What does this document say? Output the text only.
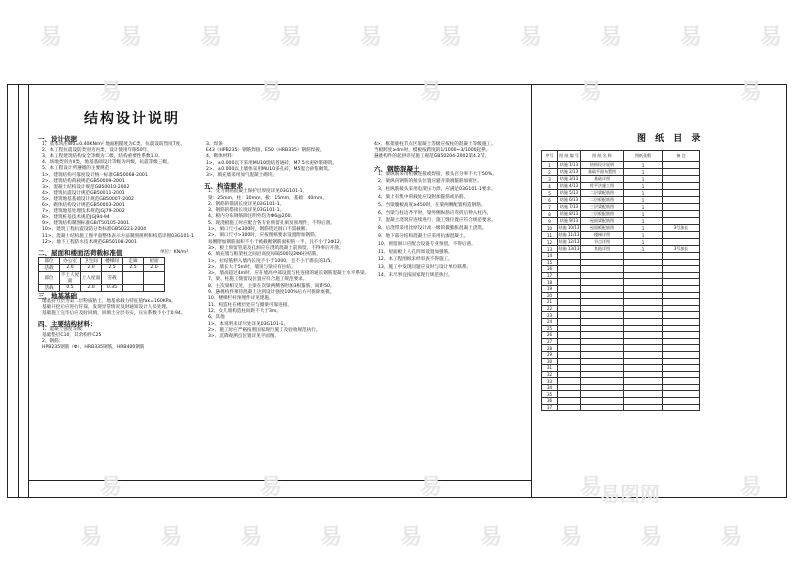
结构设计说明
图 纸 目 录
序号	图 纸 编 号	图 纸 名 称	图纸张数	备 注
1	结施 1/13	结构设计说明	1	
2	结施 2/13	基础平面布置图	1	
3	结施 3/13	基础详图	1	
4	结施 4/13	柱平法施工图	1	
5	结施 5/13	二层梁配筋图	1	
6	结施 6/13	二层板配筋图	1	
7	结施 7/13	三层梁配筋图	1	
8	结施 8/13	三层板配筋图	1	
9	结施 9/13	屋面梁配筋图	1	
10	结施 10/13	屋面板配筋图	1	3号加长
11	结施 11/13	楼梯详图	1	
12	结施 12/13	节点详图	1	
13	结施 13/13	其他详图	1	3号加长
14				
15				
16				
17				
18				
19				
20				
21				
22				
23				
24				
25				
26				
27				
28				
29				
30				
31				
32				
33				
34				
35				
36				
37				
易	易	易	易	易	易	易	易	易	易
易	易	易	易	易	易	易	易	易
易	易	易	易	易
易	易	易	易	易
易图网
一、设计依据
1、基本风压W0=0.40KN/m² 地面粗糙度为C类，抗震设防烈度7度。
2、本工程抗震设防类别为丙类，设计使用年限50年。
3、本工程建筑结构安全等级为二级，结构重要性系数1.0。
4、场地类别为II类，地基基础设计等级为丙级，抗震等级三级。
5、本工程设计所遵循的主要规范：
1>、建筑结构可靠度设计统一标准GB50068-2001
2>、建筑结构荷载规范GB50009-2001
3>、混凝土结构设计规范GB50010-2002
4>、建筑抗震设计规范GB50011-2001
5>、建筑地基基础设计规范GB50007-2002
6>、砌体结构设计规范GB50003-2001
7>、建筑地基处理技术规范JGJ79-2002
8>、建筑桩基技术规范JGJ94-94
9>、建筑结构制图标准GB/T50105-2001
10>、建筑工程抗震设防分类标准GB50223-2004
11>、混凝土结构施工图平面整体表示方法制图规则和构造详图03G101-1
12>、地下工程防水技术规范GB50108-2001
二、屋面和楼面活荷载标准值	单位：KN/m²
部位	办公室	卫生间	楼梯间	走廊	屋面
活载	2.0	2.0	2.5	2.5	2.0
部位	不上人屋面	上人屋面	雪载		
活载	0.5	2.0	0.35		
三、地基基础
地基持力层为第二层粉质粘土，地基承载力特征值fak=160KPa。
基础开挖后应进行钎探，发现异常情况及时通知设计人员处理。
基础施工完毕后应及时回填，回填土分层夯实，压实系数不小于0.94。
四、主要结构材料：
1、混凝土强度等级：
基础垫层C10，其余构件C25
2、钢筋：
HPB235钢筋（Φ），HRB335钢筋，HRB400钢筋
3、焊条
E43（HPB235）钢筋焊接，E50（HRB335）钢筋焊接。
4、砌体材料：
1>、±0.000以下采用MU10烧结普通砖，M7.5水泥砂浆砌筑。
2>、±0.000以上墙体采用MU10多孔砖，M5混合砂浆砌筑。
3>、填充墙采用加气混凝土砌块。
五、构造要求
1、受力钢筋混凝土保护层厚度详见03G101-1。
梁：25mm，柱：30mm，板：15mm，基础：40mm。
2、钢筋的锚固长度详见03G101-1。
3、钢筋的搭接长度详见03G101-1。
4、板内分布钢筋除注明外均为Φ6@200。
5、现浇板施工时应配合各专业预留孔洞及预埋件，不得后凿。
1>、洞口尺寸≤300时，钢筋绕过洞口不需截断。
2>、洞口尺寸>300时，应按图纸要求设置附加钢筋。
每侧附加钢筋面积不小于被截断钢筋面积的一半，且不小于2Φ12。
3>、板上预留管道及孔洞应在浇筑混凝土前预留，不得事后开凿。
6、填充墙与框架柱之间沿高度每隔500设2Φ6拉结筋。
1>、拉结筋伸入墙内长度不小于1000，且不小于墙长的1/5。
2>、墙长大于5m时，墙顶与梁应有拉结。
3>、墙高超过4m时，应在墙高中部设置与柱连接的通长钢筋混凝土水平系梁。
7、梁、柱施工缝留设位置应符合施工规范要求。
8、主次梁相交处，主梁在次梁两侧各附加3根箍筋，间距50。
9、悬挑构件须待混凝土达到设计强度100%后方可拆除底模。
10、楼梯栏杆预埋件详见建施。
11、构造柱在楼层处应与圈梁可靠连接。
12、女儿墙构造柱间距不大于3m。
6、其他
1>、本说明未详尽处详见03G101-1。
2>、施工时应严格按照国家现行施工及验收规范执行。
3>、沉降观测点位置详见平面图。
4>、框架梁柱节点区混凝土等级应按柱的混凝土等级施工。
当板跨度≥4m时，模板按跨度的1/1000~3/1000起拱。
悬挑构件的起拱详见施工规范GB50204-2002第4.2节。
六、钢筋混凝土
1、梁纵筋采用机械连接或焊接，接头百分率不大于50%。
2、梁纵向钢筋的接头位置应避开梁端箍筋加密区。
3、柱纵筋接头采用电渣压力焊，应满足03G101-1要求。
4、梁上有集中荷载处应设附加箍筋或吊筋。
5、当梁腹板高度≥450时，在梁两侧配置构造钢筋。
6、当梁与柱边齐平时，梁外侧纵筋应弯折后伸入柱内。
7、混凝土浇筑应连续进行，施工缝位置应符合规范要求。
8、后浇带采用比原设计高一级的微膨胀混凝土浇筑。
9、地下部分结构混凝土应采用抗渗混凝土。
10、预留洞口应配合设备专业预留，不得后凿。
11、屋面板上人孔四周设置加强筋。
12、本工程图纸未经审查不得施工。
13、施工中发现问题应及时与设计单位联系。
14、未尽事宜按国家现行规范执行。
